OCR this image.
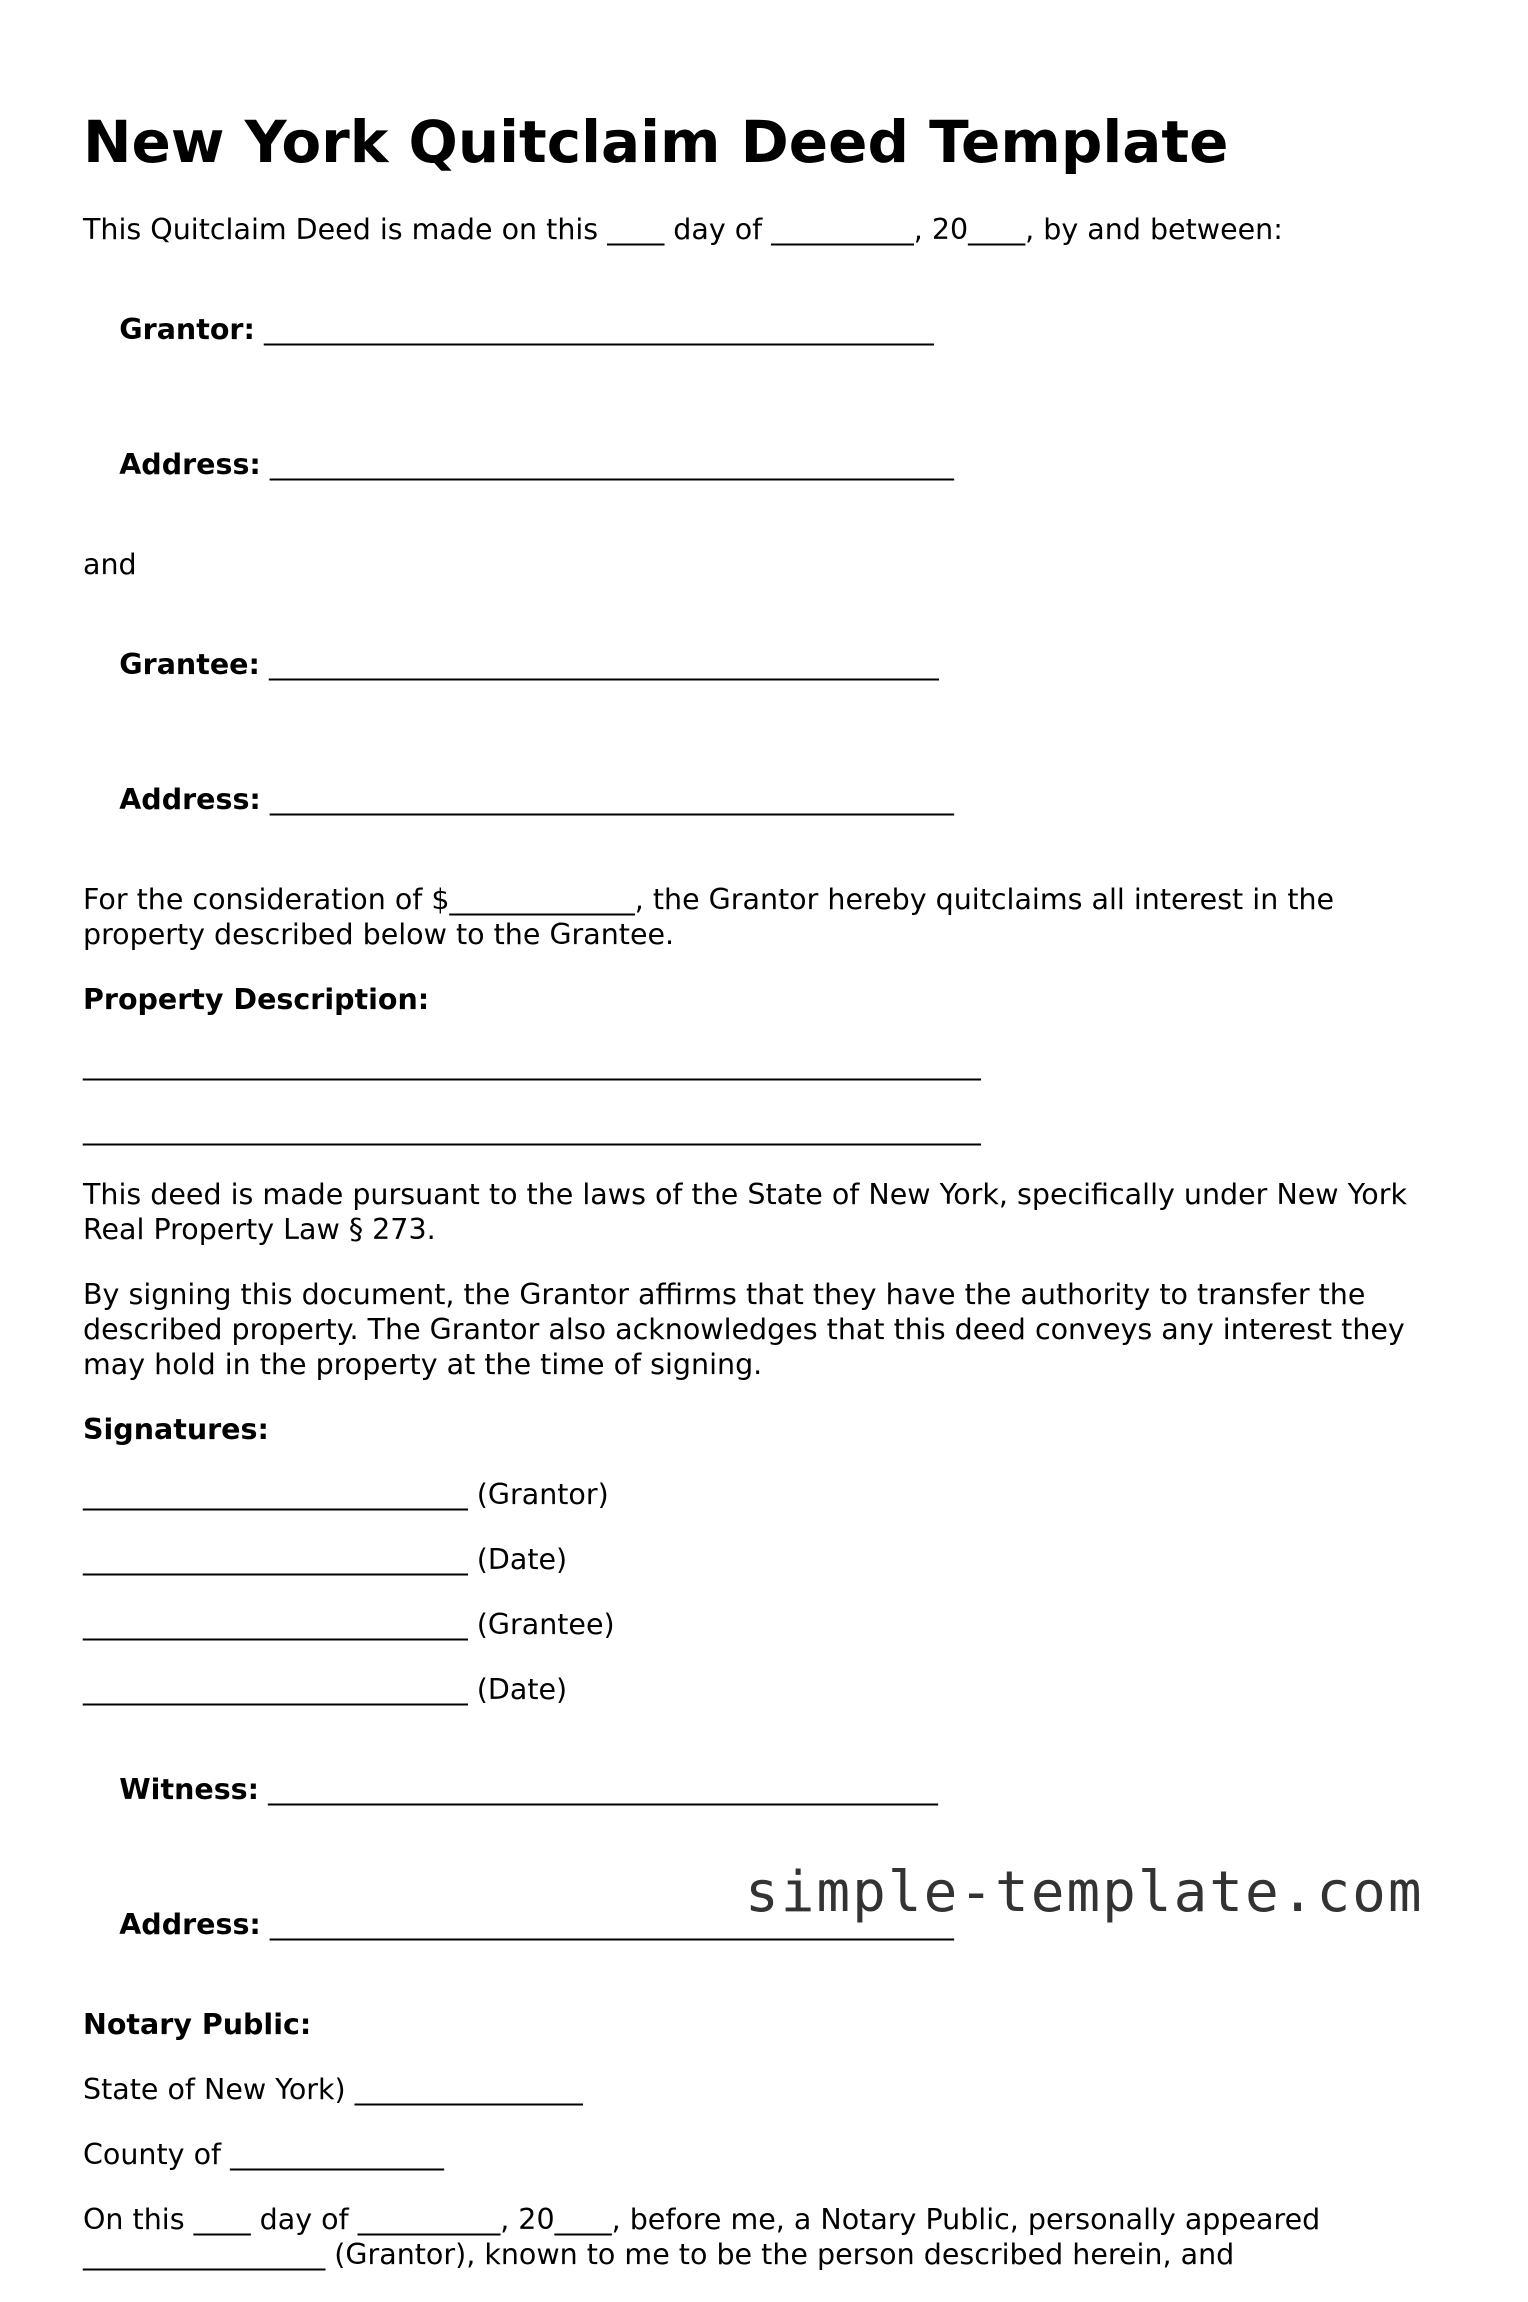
New York Quitclaim Deed Template
This Quitclaim Deed is made on this ____ day of __________, 20____, by and between:

Grantor: _______________________________________________

Address: ________________________________________________

and

Grantee: _______________________________________________

Address: ________________________________________________

For the consideration of $_____________, the Grantor hereby quitclaims all interest in the property described below to the Grantee.
Property Description:
_______________________________________________________________
_______________________________________________________________
This deed is made pursuant to the laws of the State of New York, specifically under New York Real Property Law § 273.
By signing this document, the Grantor affirms that they have the authority to transfer the described property. The Grantor also acknowledges that this deed conveys any interest they may hold in the property at the time of signing.
Signatures:
___________________________ (Grantor)
___________________________ (Date)
___________________________ (Grantee)
___________________________ (Date)

Witness: _______________________________________________

Address: ________________________________________________

Notary Public:
State of New York) ________________
County of _______________
On this ____ day of __________, 20____, before me, a Notary Public, personally appeared _________________ (Grantor), known to me to be the person described herein, and
simple-template.com
